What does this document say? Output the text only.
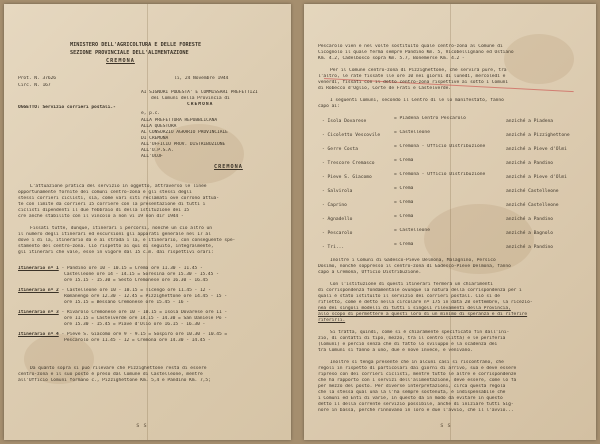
MINISTERO DELL'AGRICOLTURA E DELLE FORESTE
SEZIONE PROVINCIALE DELL'ALIMENTAZIONE
CREMONA
Prot. N. 37626
Circ. N. 167
li, 24 Novembre 1944
AI SIGNORI PODESTA' E COMMISSARI PREFETTIZI
dei Comuni della Provincia di
CREMONA
OGGETTO: Servizio corrieri postali.-
e, p.c.
ALLA PREFETTURA REPUBBLICANA
ALLA QUESTURA
AL CONSORZIO AGRARIO PROVINCIALE
DI CREMONA
ALL'UFFICIO PROV. DISTRIBUZIONE
ALL'U.P.S.A.
ALL'UCOF
CREMONA
L'attuazione pratica del servizio in oggetto, attraverso le linee
opportunamente fornite dei comuni centro-zona e gli stessi degli
stessi corrieri ciclisti, sia, come vari siti reclamati ove corrono attua-
te con limite da corrieri 15 corriere con la presentazione di tutti i
ciclisti dipendenti il due febbraio di della istituzione dei 15
cre anche stabilito con il vincolo a non vi 19 non dir 1944 -
Fissati tutte, dunque, itinerari i percorsi, nonché un cio altro un
il numero degli itinerari ed escursioni gli apparati generale nel 17 al
dove i di la, itinerario da e ai strada i la, e itinerario, con conseguente spe-
stamento del centro-zona. Ciò rispetto ai qui di seguito, integralmente,
gli itinerari che vale, esse in vigore dal 15 c.m. dai rispettivi orari:
Itinerario nº 1 - Pandino ore 10 - 10.15 = Crema ore 11.30 - 11.45 -
Castelleone ore 14 - 14.15 = Soresina ore 15.30 - 15.45 -
ore 15.15 - 15.30 = Sesto Cremonese ore 16.30 - 16.45
Itinerario nº 2 - Castelleone ore 10 - 10.15 = Ticengo ore 11.45 - 12 -
Romanengo ore 12.30 - 12.45 = Pizzighettone ore 14.45 - 15 -
ore 15.15 = Bessano Cremonese ore 15.45 - 16 -
Itinerario nº 3 - Rivarolo Cremonese ore 10 - 10.15 = Isola Dovarese ore 11 -
ore 11.15 = Castelverde ore 14.15 - 14.30 = San Daniele Po -
ore 15.30 - 15.45 = Piave d'Olio ore 16.15 - 16.30 -
Itinerario nº 4 - Pieve S. Giacomo ore 9 - 9.15 = Sospiro ore 10.30 - 10.45 =
Pescarolo ore 11.45 - 12 = Cremona ore 14.30 - 14.45 -
Da quanto sopra si può rilevare che Pizzighettone resta di essere
centro-zona e il suo posto è preso dal Comune di Castelleone, mentre
all'Ufficio Comuni formano c., Pizzighettone Km. 5,4 e Pandino Km. 7,5;
s s
Pescarolo vien e nel volte sostituito quale centro-zona al Comune di
Cicognolo il quale ferma sempre Pandino Km. 5, Vicobellignano ed Ostiano
Km. 4.2, Cadelbosco sopra Km. 5.7, Bonemerse Km. 4.2 -
Per il Comune centro-zona di Pizzighettone, che servirà pure, tra
l'altro, le rate fissate lle ore 10 nei giorni di lunedì, mercoledì e
venerdì, fissati con il detto centro-zona rispettive ai sotto i Comuni
di Robecco d'Oglio, Corte de Frati e Castelverde.
I seguenti Comuni, secondo il Centro di le lo manifestato, fanno
capo ai:
- Isola Dovarese= Piadena Centro Pescaroloanziché a Piadena
- Cicoletto Vescovile= Castelleoneanziché a Pizzighettone
- Gerre Costa= Cremona - Ufficio Distribuzioneanziché a Pieve d'Olmi
- Trescore Cremasco= Cremaanziché a Pandino
- Pieve S. Giacomo= Cremona - Ufficio Distribuzioneanziché a Pieve d'Olmi
- Salvirola= Cremaanziché Castelleone
- Caprino= Cremaanziché Castelleone
- Agnadello= Cremaanziché a Pandino
- Pescarolo= Castelleoneanziché a Bagnolo
- Tri...= Cremaanziché a Pandino
Inoltre i Comuni di Gadesco-Pieve Delmona, Malagnino, Persico
Dosimo, nonché soppresso il centro-zona di Gadesco-Pieve Delmona, fanno
capo a Cremona, Ufficio Distribuzione.
Con l'istituzione di questi itinerari fermerà un chiarimenti
di corrispondenza fondamentale ovunque la natura della corrispondenza per i
quali è stato istituito il servizio dei corrieri postali. Ciò si de
rifletto, come è detto nella circolare nº 175 in data 28 settembre, la ricezio-
nea dei singoli modelli di tutti i singoli rilevamenti della Provincia,
allo scopo di permettere a questi loro di un minimo di speranza e di riferire
riferirli.
Si tratta, quindi, come si è chiaramente specificato fin dall'ini-
zio, di contatti di tipo, mezzo, tra il centro (Città) e le periferia
(Comuni) e perciò senza che di fatto lo sviluppo e la scadenza dei
tra Comuni si fanno a uno, due e nove invece, e venivano.
Inoltre si tenga presente che in alcuni casi si riscontrano, che
regoli in rispetto di particolari dai giorni di arrivo, sua e deve essere
ripreso con dei corrieri ciclisti, mentre tutto le altre e corrispondenze
che ha rapporto con i servizi dell'alimentazione, deve essere, come lo fa
per mezzo del posto. Per diverse interpretazioni, circa questa regola
che la stessa qual una la l'ha sempre sostenuta, è indispensabile che
i Comuni ed Enti di varie, in questo da in modo da evitare in questo
detto il della corrente servizio possibile, anche di iniziare tutti Sig-
nore in bassa, perché rinnovano in loro e due l'avvio, che il l'avvio...
s s
